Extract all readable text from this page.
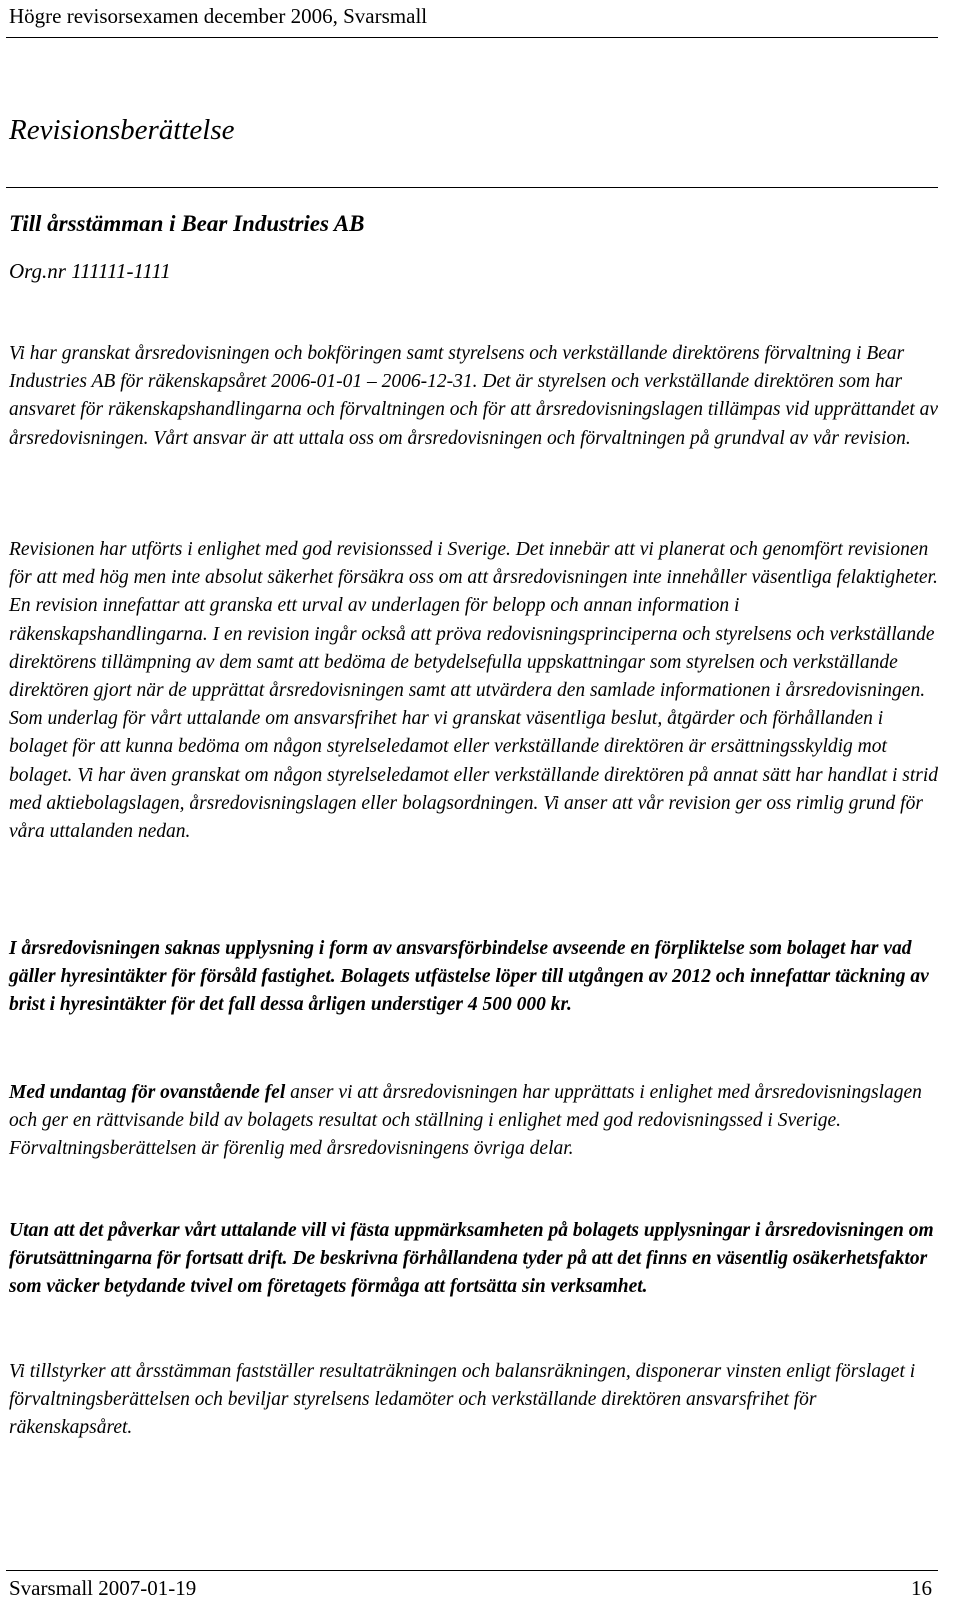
Högre revisorsexamen december 2006, Svarsmall
Revisionsberättelse
Till årsstämman i Bear Industries AB
Org.nr 111111-1111

Vi har granskat årsredovisningen och bokföringen samt styrelsens och verkställande direktörens förvaltning i Bear Industries AB för räkenskapsåret 2006-01-01 – 2006-12-31. Det är styrelsen och verkställande direktören som har ansvaret för räkenskapshandlingarna och förvaltningen och för att årsredovisningslagen tillämpas vid upprättandet av årsredovisningen. Vårt ansvar är att uttala oss om årsredovisningen och förvaltningen på grundval av vår revision.

Revisionen har utförts i enlighet med god revisionssed i Sverige. Det innebär att vi planerat och genomfört revisionen för att med hög men inte absolut säkerhet försäkra oss om att årsredovisningen inte innehåller väsentliga felaktigheter. En revision innefattar att granska ett urval av underlagen för belopp och annan information i räkenskapshandlingarna. I en revision ingår också att pröva redovisningsprinciperna och styrelsens och verkställande direktörens tillämpning av dem samt att bedöma de betydelsefulla uppskattningar som styrelsen och verkställande direktören gjort när de upprättat årsredovisningen samt att utvärdera den samlade informationen i årsredovisningen. Som underlag för vårt uttalande om ansvarsfrihet har vi granskat väsentliga beslut, åtgärder och förhållanden i bolaget för att kunna bedöma om någon styrelseledamot eller verkställande direktören är ersättningsskyldig mot bolaget. Vi har även granskat om någon styrelseledamot eller verkställande direktören på annat sätt har handlat i strid med aktiebolagslagen, årsredovisningslagen eller bolagsordningen. Vi anser att vår revision ger oss rimlig grund för våra uttalanden nedan.

I årsredovisningen saknas upplysning i form av ansvarsförbindelse avseende en förpliktelse som bolaget har vad gäller hyresintäkter för försåld fastighet. Bolagets utfästelse löper till utgången av 2012 och innefattar täckning av brist i hyresintäkter för det fall dessa årligen understiger 4 500 000 kr.

Med undantag för ovanstående fel anser vi att årsredovisningen har upprättats i enlighet med årsredovisningslagen och ger en rättvisande bild av bolagets resultat och ställning i enlighet med god redovisningssed i Sverige. Förvaltningsberättelsen är förenlig med årsredovisningens övriga delar.

Utan att det påverkar vårt uttalande vill vi fästa uppmärksamheten på bolagets upplysningar i årsredovisningen om förutsättningarna för fortsatt drift. De beskrivna förhållandena tyder på att det finns en väsentlig osäkerhetsfaktor som väcker betydande tvivel om företagets förmåga att fortsätta sin verksamhet.

Vi tillstyrker att årsstämman fastställer resultaträkningen och balansräkningen, disponerar vinsten enligt förslaget i förvaltningsberättelsen och beviljar styrelsens ledamöter och verkställande direktören ansvarsfrihet för räkenskapsåret.

Svarsmall 2007-01-19	16
